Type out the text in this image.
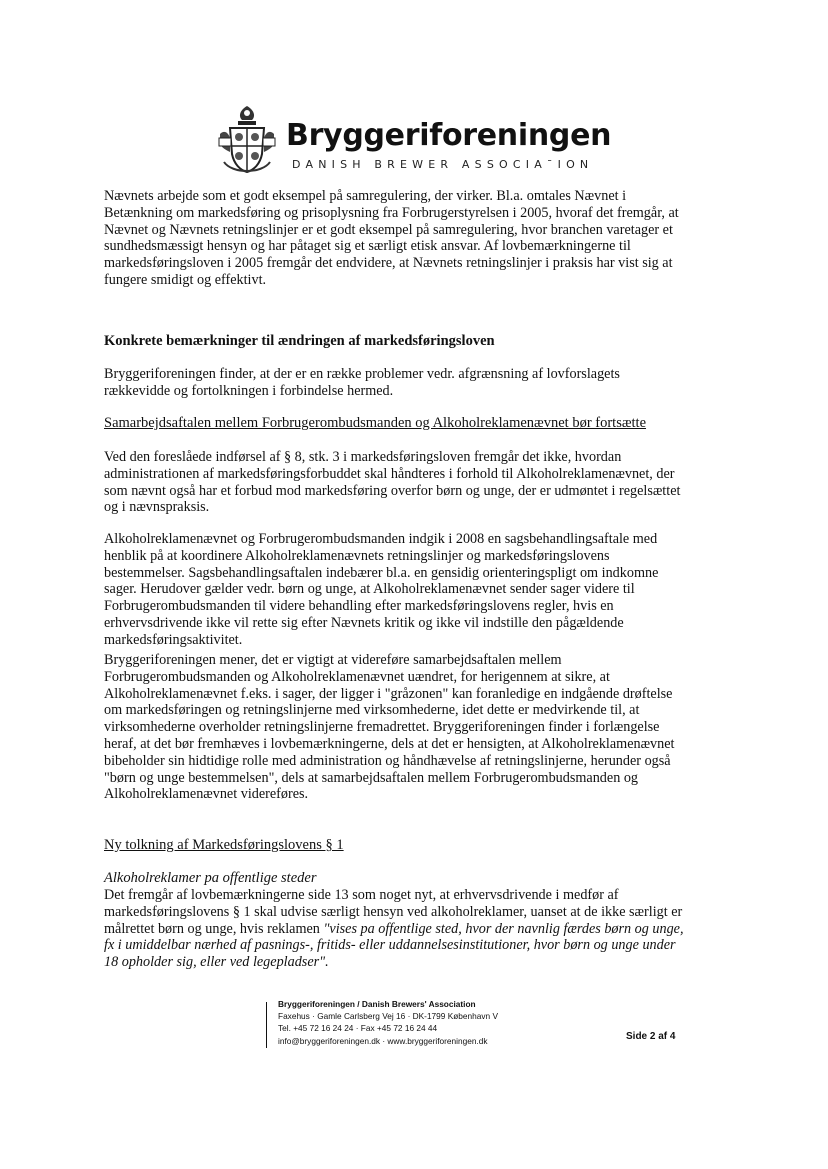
Bryggeriforeningen
DANISH BREWER ASSOCIA¯ION

Nævnets arbejde som et godt eksempel på samregulering, der virker. Bl.a. omtales Nævnet i Betænkning om markedsføring og prisoplysning fra Forbrugerstyrelsen i 2005, hvoraf det fremgår, at Nævnet og Nævnets retningslinjer er et godt eksempel på samregulering, hvor branchen varetager et sundhedsmæssigt hensyn og har påtaget sig et særligt etisk ansvar. Af lovbemærkningerne til markedsføringsloven i 2005 fremgår det endvidere, at Nævnets retningslinjer i praksis har vist sig at fungere smidigt og effektivt.

Konkrete bemærkninger til ændringen af markedsføringsloven

Bryggeriforeningen finder, at der er en række problemer vedr. afgrænsning af lovforslagets rækkevidde og fortolkningen i forbindelse hermed.

Samarbejdsaftalen mellem Forbrugerombudsmanden og Alkoholreklamenævnet bør fortsætte

Ved den foreslåede indførsel af § 8, stk. 3 i markedsføringsloven fremgår det ikke, hvordan administrationen af markedsføringsforbuddet skal håndteres i forhold til Alkoholreklamenævnet, der som nævnt også har et forbud mod markedsføring overfor børn og unge, der er udmøntet i regelsættet og i nævnspraksis.

Alkoholreklamenævnet og Forbrugerombudsmanden indgik i 2008 en sagsbehandlingsaftale med henblik på at koordinere Alkoholreklamenævnets retningslinjer og markedsføringslovens bestemmelser. Sagsbehandlingsaftalen indebærer bl.a. en gensidig orienteringspligt om indkomne sager. Herudover gælder vedr. børn og unge, at Alkoholreklamenævnet sender sager videre til Forbrugerombudsmanden til videre behandling efter markedsføringslovens regler, hvis en erhvervsdrivende ikke vil rette sig efter Nævnets kritik og ikke vil indstille den pågældende markedsføringsaktivitet.

Bryggeriforeningen mener, det er vigtigt at videreføre samarbejdsaftalen mellem Forbrugerombudsmanden og Alkoholreklamenævnet uændret, for herigennem at sikre, at Alkoholreklamenævnet f.eks. i sager, der ligger i "gråzonen" kan foranledige en indgående drøftelse om markedsføringen og retningslinjerne med virksomhederne, idet dette er medvirkende til, at virksomhederne overholder retningslinjerne fremadrettet. Bryggeriforeningen finder i forlængelse heraf, at det bør fremhæves i lovbemærkningerne, dels at det er hensigten, at Alkoholreklamenævnet bibeholder sin hidtidige rolle med administration og håndhævelse af retningslinjerne, herunder også "børn og unge bestemmelsen", dels at samarbejdsaftalen mellem Forbrugerombudsmanden og Alkoholreklamenævnet videreføres.

Ny tolkning af Markedsføringslovens § 1

Alkoholreklamer pa offentlige steder

Det fremgår af lovbemærkningerne side 13 som noget nyt, at erhvervsdrivende i medfør af markedsføringslovens § 1 skal udvise særligt hensyn ved alkoholreklamer, uanset at de ikke særligt er målrettet børn og unge, hvis reklamen "vises pa offentlige sted, hvor der navnlig færdes børn og unge, fx i umiddelbar nærhed af pasnings-, fritids- eller uddannelsesinstitutioner, hvor børn og unge under 18 opholder sig, eller ved legepladser".

Bryggeriforeningen / Danish Brewers' Association
Faxehus · Gamle Carlsberg Vej 16 · DK-1799 København V
Tel. +45 72 16 24 24 · Fax +45 72 16 24 44
info@bryggeriforeningen.dk · www.bryggeriforeningen.dk	Side 2 af 4
